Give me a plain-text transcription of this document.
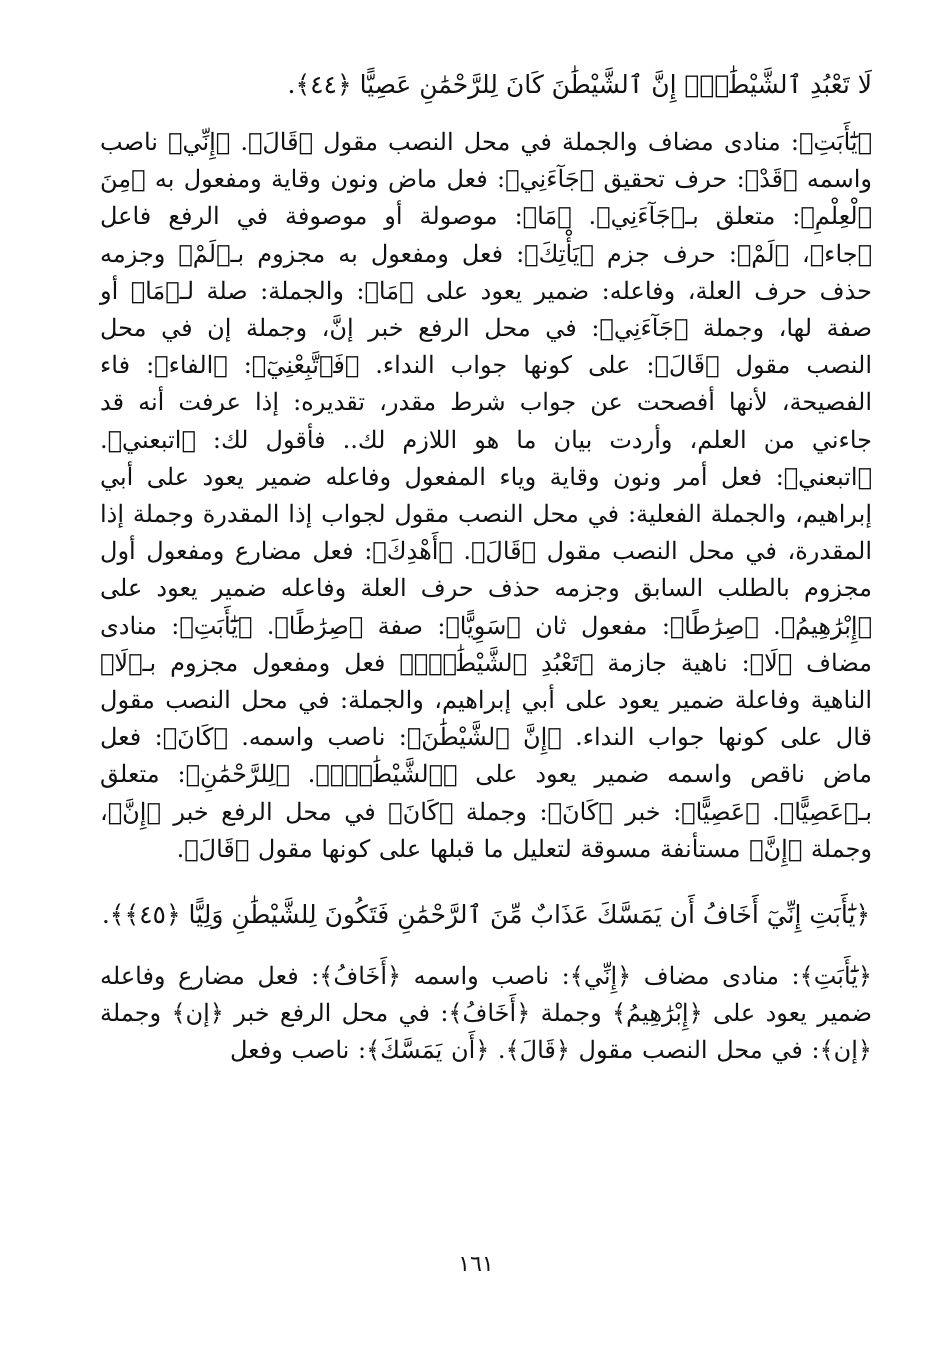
لَا تَعْبُدِ ٱلشَّيْطَٰنَۖ إِنَّ ٱلشَّيْطَٰنَ كَانَ لِلرَّحْمَٰنِ عَصِيًّا ﴿٤٤﴾.

﴿يَٰٓأَبَتِ﴾: منادى مضاف والجملة في محل النصب مقول ﴿قَالَ﴾. ﴿إِنِّي﴾ ناصب واسمه ﴿قَدْ﴾: حرف تحقيق ﴿جَآءَنِي﴾: فعل ماض ونون وقاية ومفعول به ﴿مِنَ ٱلْعِلْمِ﴾: متعلق بـ﴿جَآءَنِي﴾. ﴿مَا﴾: موصولة أو موصوفة في الرفع فاعل ﴿جاء﴾، ﴿لَمْ﴾: حرف جزم ﴿يَأْتِكَ﴾: فعل ومفعول به مجزوم بـ﴿لَمْ﴾ وجزمه حذف حرف العلة، وفاعله: ضمير يعود على ﴿مَا﴾: والجملة: صلة لـ﴿مَا﴾ أو صفة لها، وجملة ﴿جَآءَنِي﴾: في محل الرفع خبر إنَّ، وجملة إن في محل النصب مقول ﴿قَالَ﴾: على كونها جواب النداء. ﴿فَٱتَّبِعْنِيٓ﴾: ﴿الفاء﴾: فاء الفصيحة، لأنها أفصحت عن جواب شرط مقدر، تقديره: إذا عرفت أنه قد جاءني من العلم، وأردت بيان ما هو اللازم لك.. فأقول لك: ﴿اتبعني﴾. ﴿اتبعني﴾: فعل أمر ونون وقاية وياء المفعول وفاعله ضمير يعود على أبي إبراهيم، والجملة الفعلية: في محل النصب مقول لجواب إذا المقدرة وجملة إذا المقدرة، في محل النصب مقول ﴿قَالَ﴾. ﴿أَهْدِكَ﴾: فعل مضارع ومفعول أول مجزوم بالطلب السابق وجزمه حذف حرف العلة وفاعله ضمير يعود على ﴿إِبْرَٰهِيمُ﴾. ﴿صِرَٰطًا﴾: مفعول ثان ﴿سَوِيًّا﴾: صفة ﴿صِرَٰطًا﴾. ﴿يَٰٓأَبَتِ﴾: منادى مضاف ﴿لَا﴾: ناهية جازمة ﴿تَعْبُدِ ٱلشَّيْطَٰنَۖ﴾ فعل ومفعول مجزوم بـ﴿لَا﴾ الناهية وفاعلة ضمير يعود على أبي إبراهيم، والجملة: في محل النصب مقول قال على كونها جواب النداء. ﴿إِنَّ ٱلشَّيْطَٰنَ﴾: ناصب واسمه. ﴿كَانَ﴾: فعل ماض ناقص واسمه ضمير يعود على ﴿ٱلشَّيْطَٰنَۖ﴾. ﴿لِلرَّحْمَٰنِ﴾: متعلق بـ﴿عَصِيًّا﴾. ﴿عَصِيًّا﴾: خبر ﴿كَانَ﴾: وجملة ﴿كَانَ﴾ في محل الرفع خبر ﴿إِنَّ﴾، وجملة ﴿إِنَّ﴾ مستأنفة مسوقة لتعليل ما قبلها على كونها مقول ﴿قَالَ﴾.

﴿يَٰٓأَبَتِ إِنِّيٓ أَخَافُ أَن يَمَسَّكَ عَذَابٌ مِّنَ ٱلرَّحْمَٰنِ فَتَكُونَ لِلشَّيْطَٰنِ وَلِيًّا ﴿٤٥﴾﴾.

﴿يَٰٓأَبَتِ﴾: منادى مضاف ﴿إِنِّي﴾: ناصب واسمه ﴿أَخَافُ﴾: فعل مضارع وفاعله ضمير يعود على ﴿إِبْرَٰهِيمُ﴾ وجملة ﴿أَخَافُ﴾: في محل الرفع خبر ﴿إن﴾ وجملة ﴿إن﴾: في محل النصب مقول ﴿قَالَ﴾. ﴿أَن يَمَسَّكَ﴾: ناصب وفعل

١٦١
